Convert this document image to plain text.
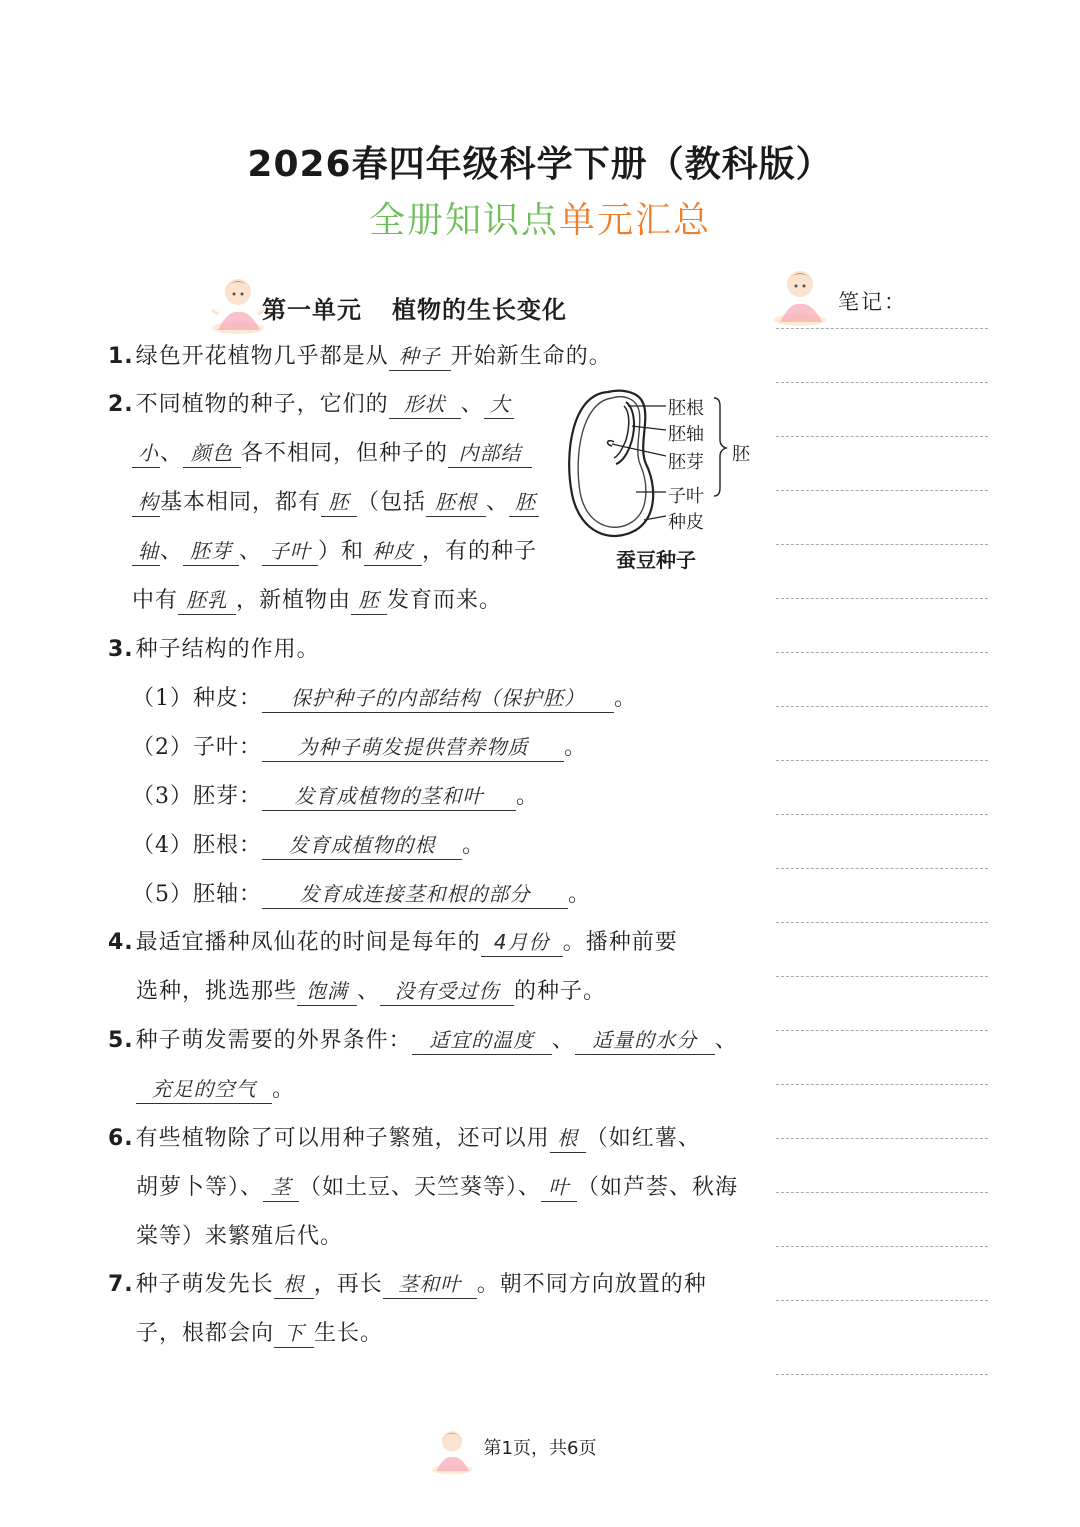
2026春四年级科学下册（教科版）
全册知识点单元汇总
第一单元 植物的生长变化	笔记：
1.绿色开花植物几乎都是从 种子 开始新生命的。
2.不同植物的种子，它们的 形状 、 大
小、 颜色 各不相同，但种子的 内部结
构基本相同，都有 胚 （包括 胚根 、 胚
轴、 胚芽 、 子叶 ）和 种皮 ，有的种子
中有 胚乳 ，新植物由 胚 发育而来。
胚根
胚轴
胚芽
子叶
种皮
胚
蚕豆种子
3.种子结构的作用。
（1）种皮： 保护种子的内部结构（保护胚） 。
（2）子叶： 为种子萌发提供营养物质 。
（3）胚芽： 发育成植物的茎和叶 。
（4）胚根： 发育成植物的根 。
（5）胚轴： 发育成连接茎和根的部分 。
4.最适宜播种凤仙花的时间是每年的 4月份 。播种前要
选种，挑选那些 饱满 、 没有受过伤 的种子。
5.种子萌发需要的外界条件： 适宜的温度 、 适量的水分 、
充足的空气 。
6.有些植物除了可以用种子繁殖，还可以用 根 （如红薯、
胡萝卜等）、 茎 （如土豆、天竺葵等）、 叶 （如芦荟、秋海
棠等）来繁殖后代。
7.种子萌发先长 根 ，再长 茎和叶 。朝不同方向放置的种
子，根都会向 下 生长。
第1页，共6页
